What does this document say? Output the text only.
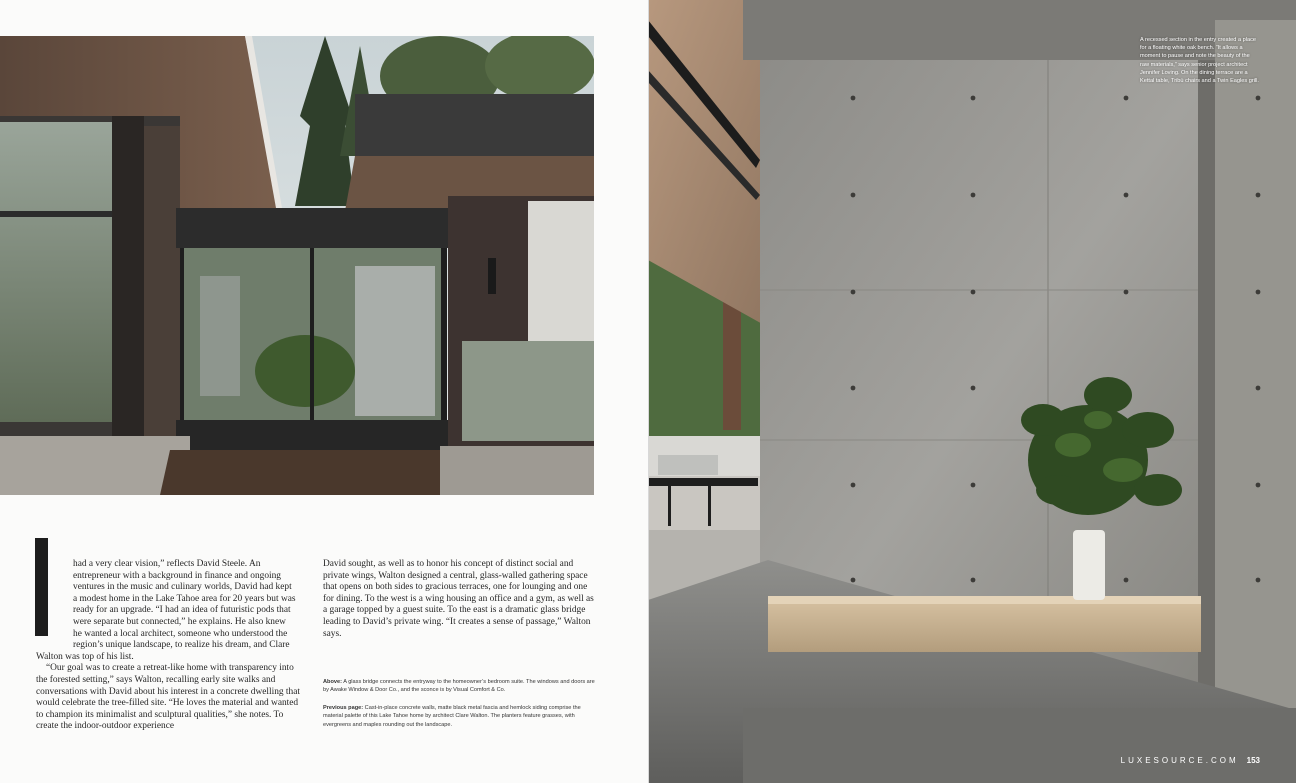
had a very clear vision,” reflects David Steele. An

entrepreneur with a background in finance and ongoing

ventures in the music and culinary worlds, David had kept

a modest home in the Lake Tahoe area for 20 years but was

ready for an upgrade. “I had an idea of futuristic pods that

were separate but connected,” he explains. He also knew

he wanted a local architect, someone who understood the

region’s unique landscape, to realize his dream, and Clare

Walton was top of his list.

“Our goal was to create a retreat-like home with transparency into the forested setting,” says Walton, recalling early site walks and conversations with David about his interest in a concrete dwelling that would celebrate the tree-filled site. “He loves the material and wanted to champion its minimalist and sculptural qualities,” she notes. To create the indoor-outdoor experience

David sought, as well as to honor his concept of distinct social and private wings, Walton designed a central, glass-walled gathering space that opens on both sides to gracious terraces, one for lounging and one for dining. To the west is a wing housing an office and a gym, as well as a garage topped by a guest suite. To the east is a dramatic glass bridge leading to David’s private wing. “It creates a sense of passage,” Walton says.

Above: A glass bridge connects the entryway to the homeowner’s bedroom suite. The windows and doors are by Awake Window & Door Co., and the sconce is by Visual Comfort & Co.
Previous page: Cast-in-place concrete walls, matte black metal fascia and hemlock siding comprise the material palette of this Lake Tahoe home by architect Clare Walton. The planters feature grasses, with evergreens and maples rounding out the landscape.
A recessed section in the entry created a place for a floating white oak bench. “It allows a moment to pause and note the beauty of the raw materials,” says senior project architect Jennifer Loving. On the dining terrace are a Kettal table, Tribù chairs and a Twin Eagles grill.
LUXESOURCE.COM 153
